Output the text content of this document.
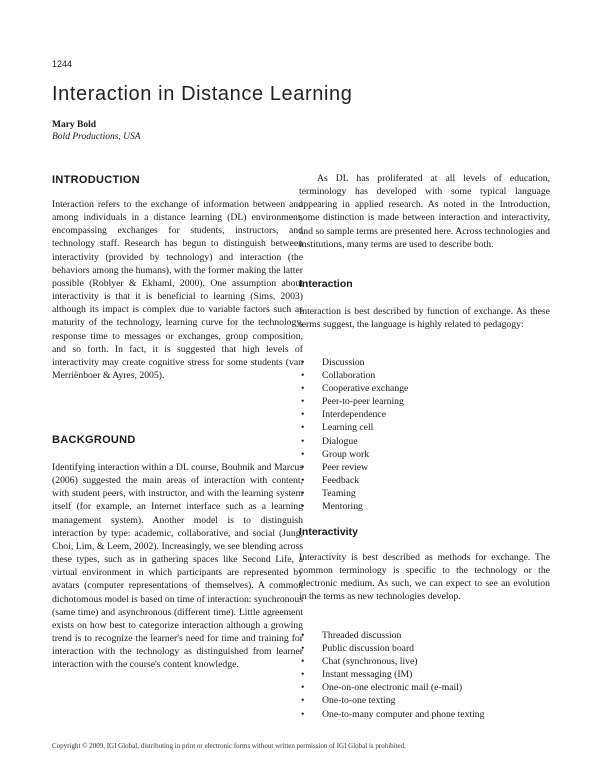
1244
Interaction in Distance Learning
Mary Bold
Bold Productions, USA
INTRODUCTION

Interaction refers to the exchange of information between and among individuals in a distance learning (DL) environment, encompassing exchanges for students, instructors, and technology staff. Research has begun to distinguish between interactivity (provided by technology) and interaction (the behaviors among the humans), with the former making the latter possible (Roblyer & Ekhaml, 2000). One assumption about interactivity is that it is beneficial to learning (Sims, 2003) although its impact is complex due to variable factors such as maturity of the technology, learning curve for the technology, response time to messages or exchanges, group composition, and so forth. In fact, it is suggested that high levels of interactivity may create cognitive stress for some students (van Merriënboer & Ayres, 2005).

BACKGROUND

Identifying interaction within a DL course, Bouhnik and Marcus (2006) suggested the main areas of interaction with content, with student peers, with instructor, and with the learning system itself (for example, an Internet interface such as a learning management system). Another model is to distinguish interaction by type: academic, collaborative, and social (Jung, Choi, Lim, & Leem, 2002). Increasingly, we see blending across these types, such as in gathering spaces like Second Life, a virtual environment in which participants are represented by avatars (computer representations of themselves). A common dichotomous model is based on time of interaction: synchronous (same time) and asynchronous (different time). Little agreement exists on how best to categorize interaction although a growing trend is to recognize the learner's need for time and training for interaction with the technology as distinguished from learner interaction with the course's content knowledge.

As DL has proliferated at all levels of education, terminology has developed with some typical language appearing in applied research. As noted in the Introduction, some distinction is made between interaction and interactivity, and so sample terms are presented here. Across technologies and institutions, many terms are used to describe both.

Interaction

Interaction is best described by function of exchange. As these terms suggest, the language is highly related to pedagogy:

• Discussion
• Collaboration
• Cooperative exchange
• Peer-to-peer learning
• Interdependence
• Learning cell
• Dialogue
• Group work
• Peer review
• Feedback
• Teaming
• Mentoring
Interactivity

Interactivity is best described as methods for exchange. The common terminology is specific to the technology or the electronic medium. As such, we can expect to see an evolution in the terms as new technologies develop.

• Threaded discussion
• Public discussion board
• Chat (synchronous, live)
• Instant messaging (IM)
• One-on-one electronic mail (e-mail)
• One-to-one texting
• One-to-many computer and phone texting
Copyright © 2009, IGI Global, distributing in print or electronic forms without written permission of IGI Global is prohibited.
